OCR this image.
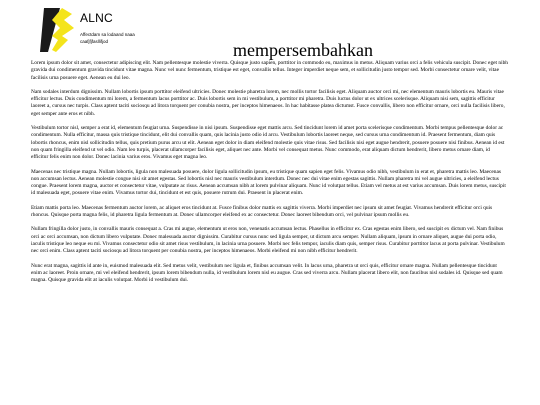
ALNC
Affectdam sa lodaand naaa caafjfjfasllifjod	mempersembahkan

Lorem ipsum dolor sit amet, consectetur adipiscing elit. Nam pellentesque molestie viverra. Quisque justo sapien, porttitor in commodo eu, maximus in metus. Aliquam varius orci a felis vehicula suscipit. Donec eget nibh gravida dui condimentum gravida tincidunt vitae magna. Nunc vel nunc fermentum, tristique est eget, convallis tellus. Integer imperdiet neque sem, et sollicitudin justo tempor sed. Morbi consectetur ornare velit, vitae facilisis urna posuere eget. Aenean eu dui leo.

Nam sodales interdum dignissim. Nullam lobortis ipsum porttitor eleifend ultricies. Donec molestie pharetra lorem, nec mollis tortor facilisis eget. Aliquam auctor orci mi, nec elementum mauris lobortis eu. Mauris vitae efficitur lectus. Duis condimentum mi lorem, a fermentum lacus porttitor ac. Duis lobortis sem in mi vestibulum, a porttitor mi pharetra. Duis luctus dolor ut ex ultrices scelerisque. Aliquam nisi sem, sagittis efficitur laoreet a, cursus nec turpis. Class aptent taciti sociosqu ad litora torquent per conubia nostra, per inceptos himenaeos. In hac habitasse platea dictumst. Fusce convallis, libero non efficitur ornare, orci nulla facilisis libero, eget semper ante eros et nibh.

Vestibulum tortor nisl, semper a erat id, elementum feugiat urna. Suspendisse in nisi ipsum. Suspendisse eget mattis arcu. Sed tincidunt lorem id amet porta scelerisque condimentum. Morbi tempus pellentesque dolor ac condimentum. Nulla efficitur, massa quis tristique tincidunt, elit dui convallis quam, quis lacinia justo odio id arcu. Vestibulum lobortis laoreet neque, sed cursus urna condimentum id. Praesent fermentum, diam quis lobortis rhoncus, enim nisl sollicitudin tellus, quis pretium purus arcu ut elit. Aenean eget dolor in diam eleifend molestie quis vitae risus. Sed facilisis nisi eget augue hendrerit, posuere posuere nisi finibus. Aenean id est non quam fringilla eleifend ut vel odio. Nam leo turpis, placerat ullamcorper facilisis eget, aliquet nec ante. Morbi vel consequat metus. Nunc commodo, erat aliquam dictum hendrerit, libero metus ornare diam, id efficitur felis enim non dolor. Donec lacinia varius eros. Vivamus eget magna leo.

Maecenas nec tristique magna. Nullam lobortis, ligula non malesuada posuere, dolor ligula sollicitudin ipsum, eu tristique quam sapien eget felis. Vivamus odio nibh, vestibulum in erat et, pharetra mattis leo. Maecenas non accumsan lectus. Aenean molestie congue nisi sit amet egestas. Sed lobortis nisl nec mauris vestibulum interdum. Donec nec dui vitae enim egestas sagittis. Nullam pharetra mi vel augue ultricies, a eleifend lectus congue. Praesent lorem magna, auctor et consectetur vitae, vulputate ac risus. Aenean accumsan nibh at lorem pulvinar aliquam. Nunc id volutpat tellus. Etiam vel metus at est varius accumsan. Duis lorem metus, suscipit id malesuada eget, posuere vitae enim. Vivamus tortor dui, tincidunt et est quis, posuere rutrum dui. Praesent in placerat enim.

Etiam mattis porta leo. Maecenas fermentum auctor lorem, ac aliquet eros tincidunt at. Fusce finibus dolor mattis ex sagittis viverra. Morbi imperdiet nec ipsum sit amet feugiat. Vivamus hendrerit efficitur orci quis rhoncus. Quisque porta magna felis, id pharetra ligula fermentum at. Donec ullamcorper eleifend ex ac consectetur. Donec laoreet bibendum orci, vel pulvinar ipsum mollis eu.

Nullam fringilla dolor justo, in convallis mauris consequat a. Cras mi augue, elementum ut eros non, venenatis accumsan lectus. Phasellus in efficitur ex. Cras egestas enim libero, sed suscipit ex dictum vel. Nam finibus orci ac orci accumsan, non dictum libero vulputate. Donec malesuada auctor dignissim. Curabitur cursus nunc sed ligula semper, ut dictum arcu semper. Nullam aliquam, ipsum in ornare aliquet, augue dui porta odio, iaculis tristique leo neque eu mi. Vivamus consectetur odio sit amet risus vestibulum, in lacinia urna posuere. Morbi nec felis tempor, iaculis diam quis, semper risus. Curabitur porttitor lacus at porta pulvinar. Vestibulum nec orci enim. Class aptent taciti sociosqu ad litora torquent per conubia nostra, per inceptos himenaeos. Morbi eleifend mi non nibh efficitur hendrerit.

Nunc erat magna, sagittis id ante in, euismod malesuada elit. Sed metus velit, vestibulum nec ligula et, finibus accumsan velit. In lacus urna, pharetra ut orci quis, efficitur ornare magna. Nullam pellentesque tincidunt enim ac laoreet. Proin ornare, mi vel eleifend hendrerit, ipsum lorem bibendum nulla, id vestibulum lorem nisl eu augue. Cras sed viverra arcu. Nullam placerat libero elit, non faucibus nisl sodales id. Quisque sed quam magna. Quisque gravida elit at iaculis volutpat. Morbi id vestibulum dui.
